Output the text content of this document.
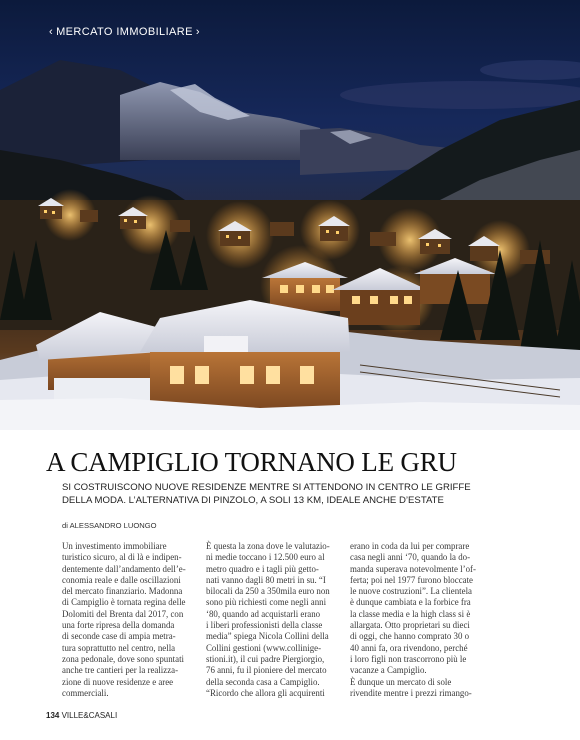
‹ MERCATO IMMOBILIARE ›
A CAMPIGLIO TORNANO LE GRU
SI COSTRUISCONO NUOVE RESIDENZE MENTRE SI ATTENDONO IN CENTRO LE GRIFFE
DELLA MODA. L’ALTERNATIVA DI PINZOLO, A SOLI 13 KM, IDEALE ANCHE D’ESTATE
di ALESSANDRO LUONGO

Un investimento immobiliare

turistico sicuro, al di là e indipen-

dentemente dall’andamento dell’e-

conomia reale e dalle oscillazioni

del mercato finanziario. Madonna

di Campiglio è tornata regina delle

Dolomiti del Brenta dal 2017, con

una forte ripresa della domanda

di seconde case di ampia metra-

tura soprattutto nel centro, nella

zona pedonale, dove sono spuntati

anche tre cantieri per la realizza-

zione di nuove residenze e aree

commerciali.

È questa la zona dove le valutazio-

ni medie toccano i 12.500 euro al

metro quadro e i tagli più getto-

nati vanno dagli 80 metri in su. “I

bilocali da 250 a 350mila euro non

sono più richiesti come negli anni

‘80, quando ad acquistarli erano

i liberi professionisti della classe

media” spiega Nicola Collini della

Collini gestioni (www.collinige-

stioni.it), il cui padre Piergiorgio,

76 anni, fu il pioniere del mercato

della seconda casa a Campiglio.

“Ricordo che allora gli acquirenti

erano in coda da lui per comprare

casa negli anni ‘70, quando la do-

manda superava notevolmente l’of-

ferta; poi nel 1977 furono bloccate

le nuove costruzioni”. La clientela

è dunque cambiata e la forbice fra

la classe media e la high class si è

allargata. Otto proprietari su dieci

di oggi, che hanno comprato 30 o

40 anni fa, ora rivendono, perché

i loro figli non trascorrono più le

vacanze a Campiglio.

È dunque un mercato di sole

rivendite mentre i prezzi rimango-

134 VILLE&CASALI
